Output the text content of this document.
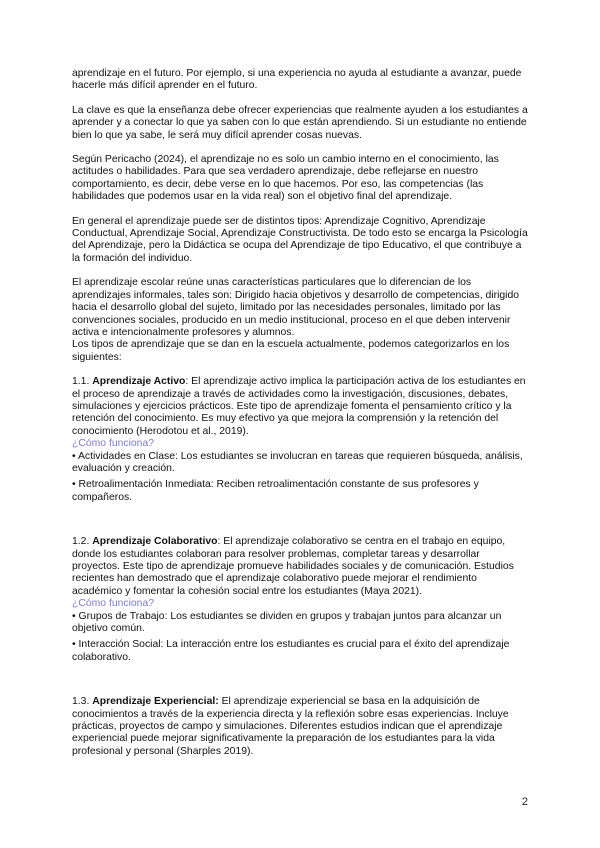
aprendizaje en el futuro. Por ejemplo, si una experiencia no ayuda al estudiante a avanzar, puede hacerle más difícil aprender en el futuro.

La clave es que la enseñanza debe ofrecer experiencias que realmente ayuden a los estudiantes a aprender y a conectar lo que ya saben con lo que están aprendiendo. Si un estudiante no entiende bien lo que ya sabe, le será muy difícil aprender cosas nuevas.

Según Pericacho (2024), el aprendizaje no es solo un cambio interno en el conocimiento, las actitudes o habilidades. Para que sea verdadero aprendizaje, debe reflejarse en nuestro comportamiento, es decir, debe verse en lo que hacemos. Por eso, las competencias (las habilidades que podemos usar en la vida real) son el objetivo final del aprendizaje.

En general el aprendizaje puede ser de distintos tipos: Aprendizaje Cognitivo, Aprendizaje Conductual, Aprendizaje Social, Aprendizaje Constructivista. De todo esto se encarga la Psicología del Aprendizaje, pero la Didáctica se ocupa del Aprendizaje de tipo Educativo, el que contribuye a la formación del individuo.

El aprendizaje escolar reúne unas características particulares que lo diferencian de los aprendizajes informales, tales son: Dirigido hacia objetivos y desarrollo de competencias, dirigido hacia el desarrollo global del sujeto, limitado por las necesidades personales, limitado por las convenciones sociales, producido en un medio institucional, proceso en el que deben intervenir activa e intencionalmente profesores y alumnos.

Los tipos de aprendizaje que se dan en la escuela actualmente, podemos categorizarlos en los siguientes:

1.1. Aprendizaje Activo: El aprendizaje activo implica la participación activa de los estudiantes en el proceso de aprendizaje a través de actividades como la investigación, discusiones, debates, simulaciones y ejercicios prácticos. Este tipo de aprendizaje fomenta el pensamiento crítico y la retención del conocimiento. Es muy efectivo ya que mejora la comprensión y la retención del conocimiento (Herodotou et al., 2019).

¿Cómo funciona?

• Actividades en Clase: Los estudiantes se involucran en tareas que requieren búsqueda, análisis, evaluación y creación.

• Retroalimentación Inmediata: Reciben retroalimentación constante de sus profesores y compañeros.

1.2. Aprendizaje Colaborativo: El aprendizaje colaborativo se centra en el trabajo en equipo, donde los estudiantes colaboran para resolver problemas, completar tareas y desarrollar proyectos. Este tipo de aprendizaje promueve habilidades sociales y de comunicación. Estudios recientes han demostrado que el aprendizaje colaborativo puede mejorar el rendimiento académico y fomentar la cohesión social entre los estudiantes (Maya 2021).

¿Cómo funciona?

• Grupos de Trabajo: Los estudiantes se dividen en grupos y trabajan juntos para alcanzar un objetivo común.

• Interacción Social: La interacción entre los estudiantes es crucial para el éxito del aprendizaje colaborativo.

1.3. Aprendizaje Experiencial: El aprendizaje experiencial se basa en la adquisición de conocimientos a través de la experiencia directa y la reflexión sobre esas experiencias. Incluye prácticas, proyectos de campo y simulaciones. Diferentes estudios indican que el aprendizaje experiencial puede mejorar significativamente la preparación de los estudiantes para la vida profesional y personal (Sharples 2019).

2
